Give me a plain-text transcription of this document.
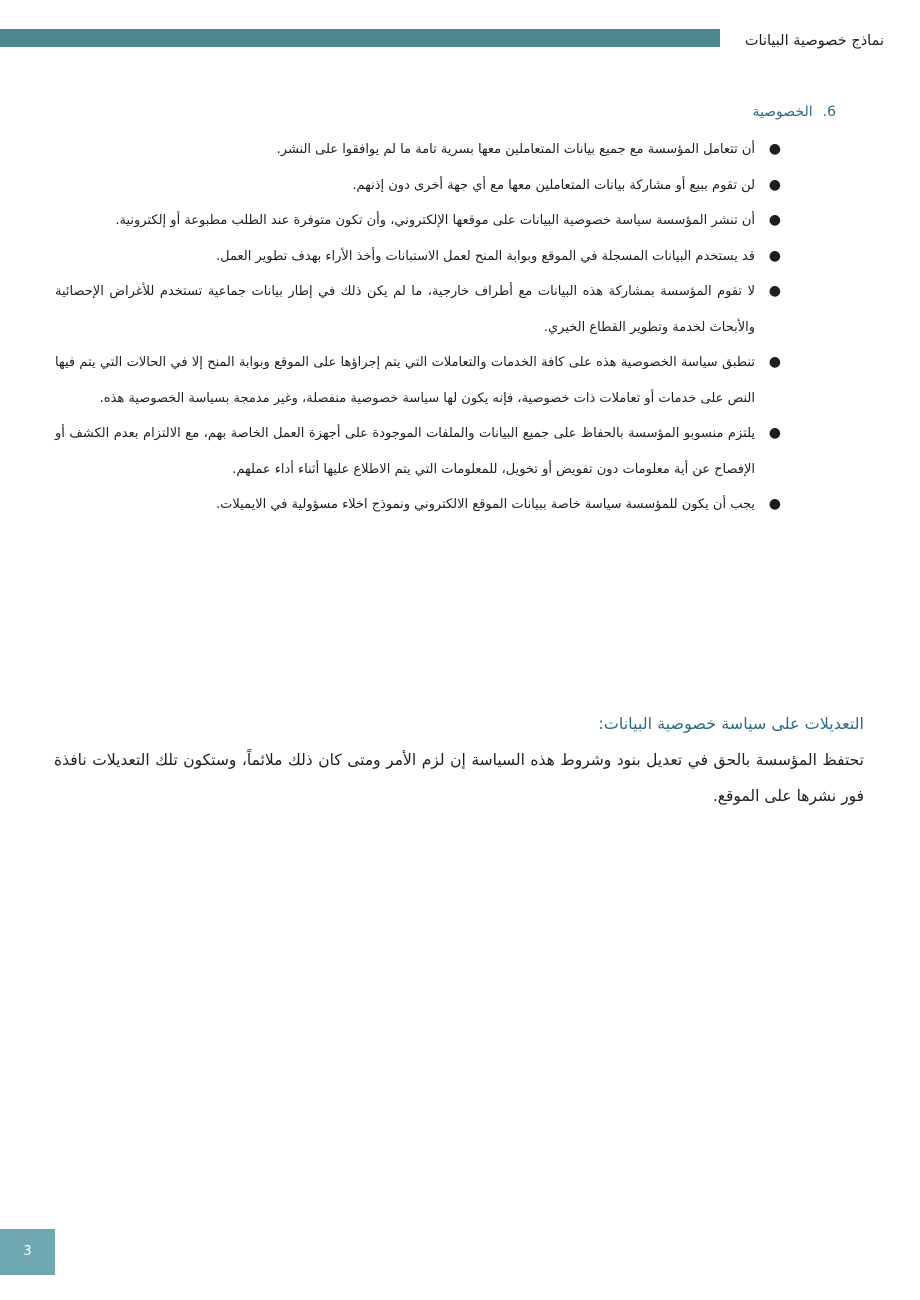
نماذج خصوصية البيانات
6.الخصوصية
●
أن تتعامل المؤسسة مع جميع بيانات المتعاملين معها بسرية تامة ما لم يوافقوا على النشر.
●
لن تقوم ببيع أو مشاركة بيانات المتعاملين معها مع أي جهة أخرى دون إذنهم.
●
أن تنشر المؤسسة سياسة خصوصية البيانات على موقعها الإلكتروني، وأن تكون متوفرة عند الطلب مطبوعة أو إلكترونية.
●
قد يستخدم البيانات المسجلة في الموقع وبوابة المنح لعمل الاستبانات وأخذ الأراء بهدف تطوير العمل.
●
لا تقوم المؤسسة بمشاركة هذه البيانات مع أطراف خارجية، ما لم يكن ذلك في إطار بيانات جماعية تستخدم للأغراض الإحصائية والأبحاث لخدمة وتطوير القطاع الخيري.
●
تنطبق سياسة الخصوصية هذه على كافة الخدمات والتعاملات التي يتم إجراؤها على الموقع وبوابة المنح إلا في الحالات التي يتم فيها النص على خدمات أو تعاملات ذات خصوصية، فإنه يكون لها سياسة خصوصية منفصلة، وغير مدمجة بسياسة الخصوصية هذه.
●
يلتزم منسوبو المؤسسة بالحفاظ على جميع البيانات والملفات الموجودة على أجهزة العمل الخاصة بهم، مع الالتزام بعدم الكشف أو الإفصاح عن أية معلومات دون تفويض أو تخويل، للمعلومات التي يتم الاطلاع عليها أثناء أداء عملهم.
●
يجب أن يكون للمؤسسة سياسة خاصة ببيانات الموقع الالكتروني ونموذج اخلاء مسؤولية في الايميلات.
التعديلات على سياسة خصوصية البيانات:
تحتفظ المؤسسة بالحق في تعديل بنود وشروط هذه السياسة إن لزم الأمر ومتى كان ذلك ملائماً، وستكون تلك التعديلات نافذة فور نشرها على الموقع.
3
